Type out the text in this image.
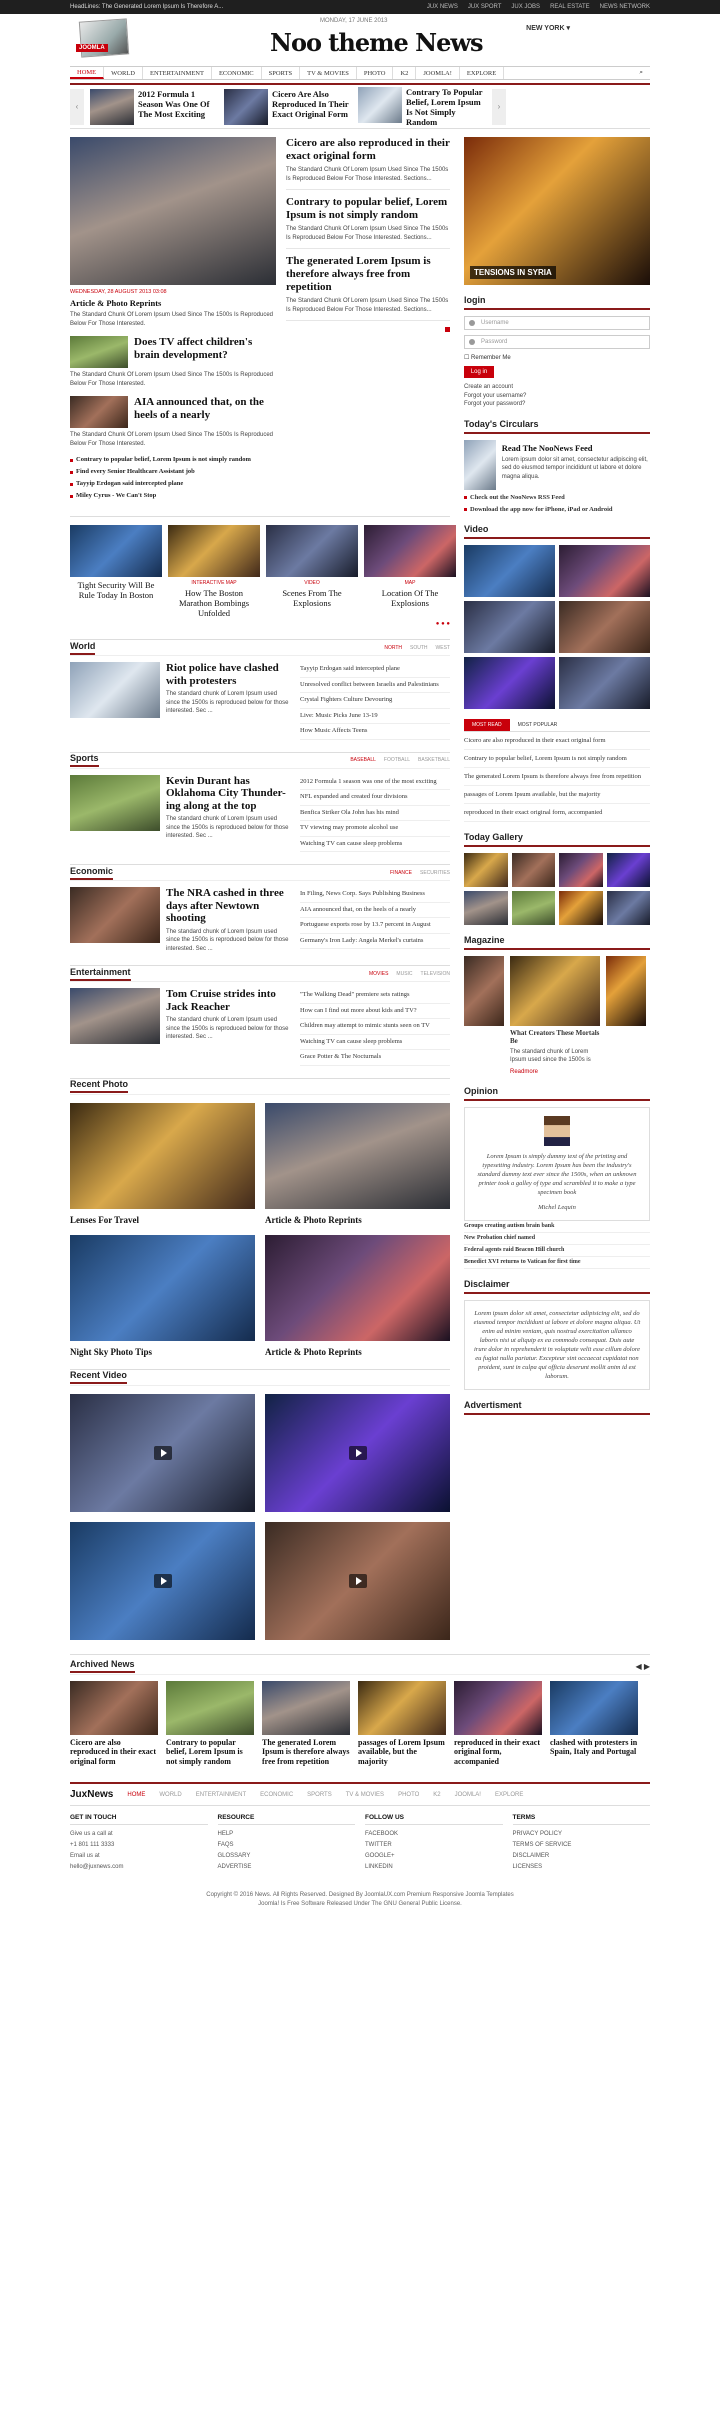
HeadLines: The Generated Lorem Ipsum Is Therefore A...	JUX NEWS JUX SPORT JUX JOBS REAL ESTATE NEWS NETWORK
JOOMLA
MONDAY, 17 JUNE 2013
Noo theme News	NEW YORK ▾
HOME	WORLD	ENTERTAINMENT	ECONOMIC	SPORTS	TV & MOVIES	PHOTO	K2	JOOMLA!	EXPLORE	⌕
‹
2012 Formula 1 Season Was One Of The Most Exciting
Cicero Are Also Reproduced In Their Exact Original Form
Contrary To Popular Belief, Lorem Ipsum Is Not Simply Random
›
WEDNESDAY, 28 AUGUST 2013 03:08
Article & Photo Reprints
The Standard Chunk Of Lorem Ipsum Used Since The 1500s Is Reproduced Below For Those Interested.
Does TV affect children's brain development?
The Standard Chunk Of Lorem Ipsum Used Since The 1500s Is Reproduced Below For Those Interested.
AIA announced that, on the heels of a nearly
The Standard Chunk Of Lorem Ipsum Used Since The 1500s Is Reproduced Below For Those Interested.
Contrary to popular belief, Lorem Ipsum is not simply random
Find every Senior Healthcare Assistant job
Tayyip Erdogan said intercepted plane
Miley Cyrus - We Can't Stop
Cicero are also reproduced in their exact original form
The Standard Chunk Of Lorem Ipsum Used Since The 1500s Is Reproduced Below For Those Interested. Sections...
Contrary to popular belief, Lorem Ipsum is not simply random
The Standard Chunk Of Lorem Ipsum Used Since The 1500s Is Reproduced Below For Those Interested. Sections...
The generated Lorem Ipsum is therefore always free from repetition
The Standard Chunk Of Lorem Ipsum Used Since The 1500s Is Reproduced Below For Those Interested. Sections...
Tight Security Will Be Rule Today In Boston
INTERACTIVE MAP
How The Boston Marathon Bombings Unfolded
VIDEO
Scenes From The Explosions
MAP
Location Of The Explosions
● ● ●
World	NORTH SOUTH WEST
Riot police have clashed with protesters
The standard chunk of Lorem Ipsum used since the 1500s is reproduced below for those interested. Sec ...
Tayyip Erdogan said intercepted plane
Unresolved conflict between Israelis and Palestinians
Crystal Fighters Culture Devouring
Live: Music Picks June 13-19
How Music Affects Teens
Sports	BASEBALL FOOTBALL BASKETBALL
Kevin Durant has Oklahoma City Thunder-ing along at the top
The standard chunk of Lorem Ipsum used since the 1500s is reproduced below for those interested. Sec ...
2012 Formula 1 season was one of the most exciting
NFL expanded and created four divisions
Benfica Striker Ola John has his mind
TV viewing may promote alcohol use
Watching TV can cause sleep problems
Economic	FINANCE SECURITIES
The NRA cashed in three days after Newtown shooting
The standard chunk of Lorem Ipsum used since the 1500s is reproduced below for those interested. Sec ...
In Filing, News Corp. Says Publishing Business
AIA announced that, on the heels of a nearly
Portuguese exports rose by 13.7 percent in August
Germany's Iron Lady: Angela Merkel's curtains
Entertainment	MOVIES MUSIC TELEVISION
Tom Cruise strides into Jack Reacher
The standard chunk of Lorem Ipsum used since the 1500s is reproduced below for those interested. Sec ...
"The Walking Dead" premiere sets ratings
How can I find out more about kids and TV?
Children may attempt to mimic stunts seen on TV
Watching TV can cause sleep problems
Grace Potter & The Nocturnals
Recent Photo
Lenses For Travel	Article & Photo Reprints
Night Sky Photo Tips	Article & Photo Reprints
Recent Video
TENSIONS IN SYRIA
login
Username
Password
☐ Remember Me
Log in
Create an account
Forgot your username?
Forgot your password?
Today's Circulars
Read The NooNews Feed
Lorem ipsum dolor sit amet, consectetur adipiscing elit, sed do eiusmod tempor incididunt ut labore et dolore magna aliqua.
Check out the NooNews RSS Feed
Download the app now for iPhone, iPad or Android
Video
MOST READ	MOST POPULAR
Cicero are also reproduced in their exact original form
Contrary to popular belief, Lorem Ipsum is not simply random
The generated Lorem Ipsum is therefore always free from repetition
passages of Lorem Ipsum available, but the majority
reproduced in their exact original form, accompanied
Today Gallery
Magazine
What Creators These Mortals Be
The standard chunk of Lorem Ipsum used since the 1500s is
Readmore
Opinion
Lorem Ipsum is simply dummy text of the printing and typesetting industry. Lorem Ipsum has been the industry's standard dummy text ever since the 1500s, when an unknown printer took a galley of type and scrambled it to make a type specimen book
Michel Lequin
Groups creating autism brain bank
New Probation chief named
Federal agents raid Beacon Hill church
Benedict XVI returns to Vatican for first time
Disclaimer
Lorem ipsum dolor sit amet, consectetur adipisicing elit, sed do eiusmod tempor incididunt ut labore et dolore magna aliqua. Ut enim ad minim veniam, quis nostrud exercitation ullamco laboris nisi ut aliquip ex ea commodo consequat. Duis aute irure dolor in reprehenderit in voluptate velit esse cillum dolore eu fugiat nulla pariatur. Excepteur sint occaecat cupidatat non proident, sunt in culpa qui officia deserunt mollit anim id est laborum.
Advertisment
Archived News	◀ ▶
Cicero are also reproduced in their exact original form
Contrary to popular belief, Lorem Ipsum is not simply random
The generated Lorem Ipsum is therefore always free from repetition
passages of Lorem Ipsum available, but the majority
reproduced in their exact original form, accompanied
clashed with protesters in Spain, Italy and Portugal
JuxNews HOME WORLD ENTERTAINMENT ECONOMIC SPORTS TV & MOVIES PHOTO K2 JOOMLA! EXPLORE
GET IN TOUCH
Give us a call at
+1 801 111 3333
Email us at
hello@juxnews.com
RESOURCE
HELP
FAQS
GLOSSARY
ADVERTISE
FOLLOW US
FACEBOOK
TWITTER
GOOGLE+
LINKEDIN
TERMS
PRIVACY POLICY
TERMS OF SERVICE
DISCLAIMER
LICENSES
Copyright © 2016 News. All Rights Reserved. Designed By JoomlaUX.com Premium Responsive Joomla Templates
Joomla! Is Free Software Released Under The GNU General Public License.
